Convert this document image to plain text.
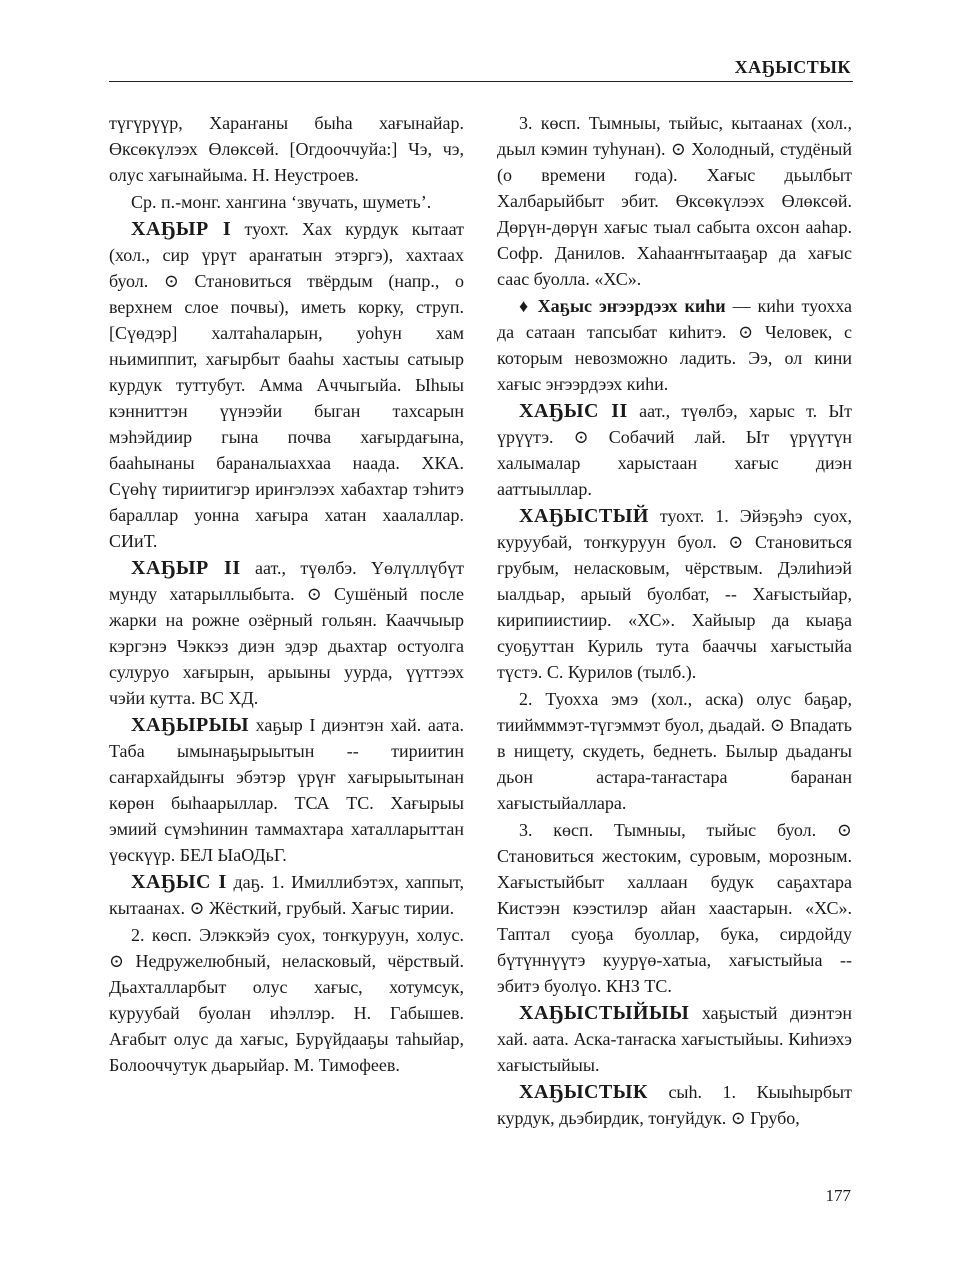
ХАҔЫСТЫК

түгүрүүр, Хараҥаны быһа хағынайар. Өксөкүлээх Өлөксөй. [Огдооччуйа:] Чэ, чэ, олус хағынайыма. Н. Неустроев.

Ср. п.-монг. хангина ‘звучать, шуметь’.

ХАҔЫР I туохт. Хах курдук кытаат (хол., сир үрүт араҥатын этэргэ), хахтаах буол. ⊙ Становиться твёрдым (напр., о верхнем слое почвы), иметь корку, струп. [Сүөдэр] халтаһаларын, уоһун хам ньимиппит, хағырбыт бааһы хастыы сатыыр курдук туттубут. Амма Аччыгыйа. Ыһыы кэнниттэн үүнээйи быган тахсарын мэһэйдиир гына почва хағырдағына, бааһынаны бараналыаххаа наада. ХКА. Сүөһү тириитигэр ириҥэлээх хабахтар тэһитэ бараллар уонна хағыра хатан хаалаллар. СИиТ.

ХАҔЫР II аат., түөлбэ. Үөлүллүбүт мунду хатарыллыбыта. ⊙ Сушёный после жарки на рожне озёрный гольян. Кааччыыр кэргэнэ Чэккэз диэн эдэр дьахтар остуолга сулуруо хағырын, арыыны уурда, үүттээх чэйи кутта. ВС ХД.

ХАҔЫРЫЫ хаҕыр I диэнтэн хай. аата. Таба ымынаҕырыытын -- тириитин саҥархайдыҥы эбэтэр үрүҥ хағырыытынан көрөн быһаарыллар. ТСА ТС. Хағырыы эмиий сүмэһинин таммахтара хаталларыттан үөскүүр. БЕЛ ЫаОДьГ.

ХАҔЫС I даҕ. 1. Имиллибэтэх, хаппыт, кытаанах. ⊙ Жёсткий, грубый. Хағыс тирии.

2. көсп. Элэккэйэ суох, тоҥкуруун, холус. ⊙ Недружелюбный, неласковый, чёрствый. Дьахталларбыт олус хағыс, хотумсук, куруубай буолан иһэллэр. Н. Габышев. Ағабыт олус да хағыс, Бурүйдааҕы таһыйар, Болооччутук дьарыйар. М. Тимофеев.

3. көсп. Тымныы, тыйыс, кытаанах (хол., дьыл кэмин туһунан). ⊙ Холодный, студёный (о времени года). Хағыс дьылбыт Халбарыйбыт эбит. Өксөкүлээх Өлөксөй. Дөрүн-дөрүн хағыс тыал сабыта охсон ааһар. Софр. Данилов. Хаһааҥҥытааҕар да хағыс саас буолла. «ХС».

♦ Хаҕыс эҥээрдээх киһи — киһи туохха да сатаан тапсыбат киһитэ. ⊙ Человек, с которым невозможно ладить. Ээ, ол кини хағыс эҥээрдээх киһи.

ХАҔЫС II аат., түөлбэ, харыс т. Ыт үрүүтэ. ⊙ Собачий лай. Ыт үрүүтүн халымалар харыстаан хағыс диэн ааттыыллар.

ХАҔЫСТЫЙ туохт. 1. Эйэҕэһэ суох, куруубай, тоҥкуруун буол. ⊙ Становиться грубым, неласковым, чёрствым. Дэлиһиэй ыалдьар, арыый буолбат, -- Хағыстыйар, кирипиистиир. «ХС». Хайыыр да кыаҕа суоҕуттан Куриль тута бааччы хағыстыйа түстэ. С. Курилов (тылб.).

2. Туохха эмэ (хол., аска) олус баҕар, тииймммэт-түгэммэт буол, дьадай. ⊙ Впадать в нищету, скудеть, беднеть. Былыр дьадаҥы дьон астара-таҥастара баранан хағыстыйаллара.

3. көсп. Тымныы, тыйыс буол. ⊙ Становиться жестоким, суровым, морозным. Хағыстыйбыт халлаан будук саҕахтара Кистээн кээстилэр айан хаастарын. «ХС». Таптал суоҕа буоллар, бука, сирдойду бүтүннүүтэ куурүө-хатыа, хағыстыйыа -- эбитэ буолүо. КНЗ ТС.

ХАҔЫСТЫЙЫЫ хаҕыстый диэнтэн хай. аата. Аска-таҥаска хағыстыйыы. Киһиэхэ хағыстыйыы.

ХАҔЫСТЫК сыһ. 1. Кыыһырбыт курдук, дьэбирдик, тоҥуйдук. ⊙ Грубо,

177
